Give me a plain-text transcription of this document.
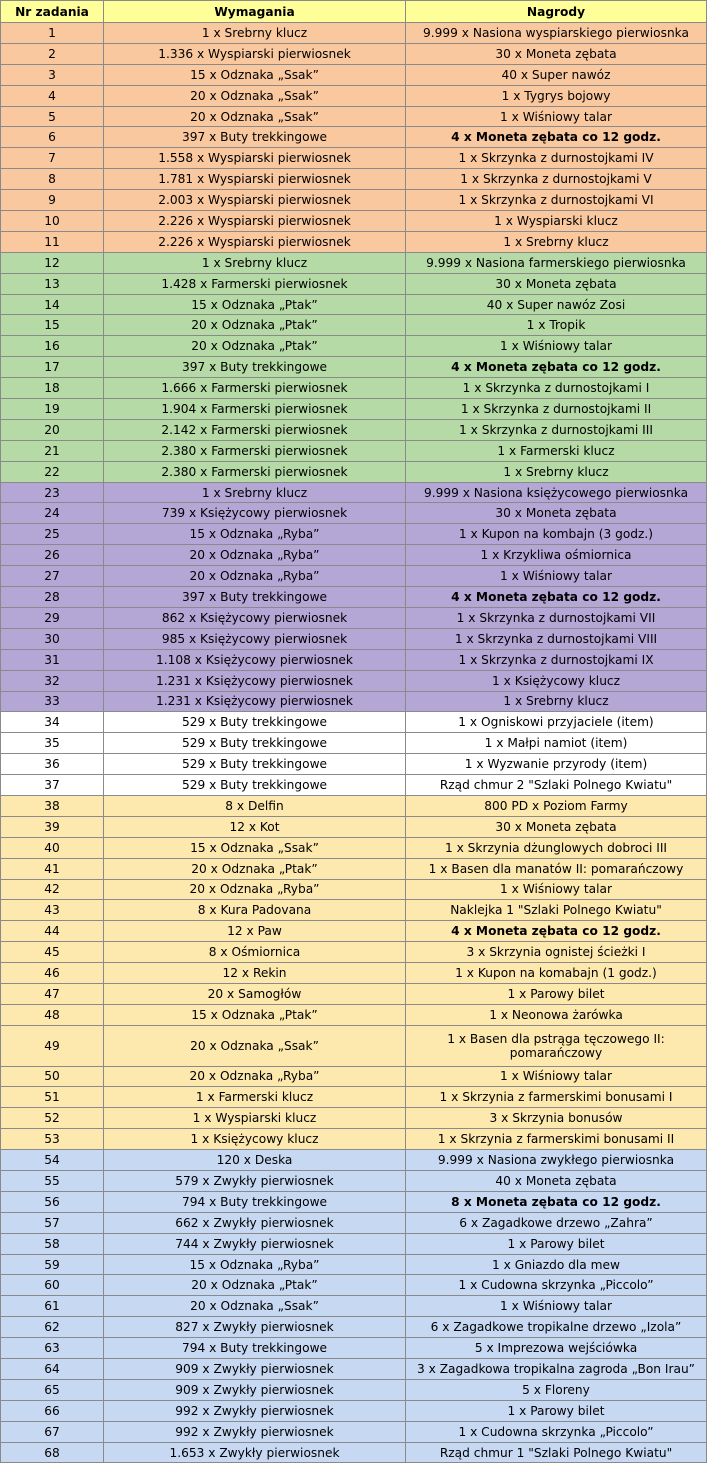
Nr zadania	Wymagania	Nagrody
1	1 x Srebrny klucz	9.999 x Nasiona wyspiarskiego pierwiosnka
2	1.336 x Wyspiarski pierwiosnek	30 x Moneta zębata
3	15 x Odznaka „Ssak”	40 x Super nawóz
4	20 x Odznaka „Ssak”	1 x Tygrys bojowy
5	20 x Odznaka „Ssak”	1 x Wiśniowy talar
6	397 x Buty trekkingowe	4 x Moneta zębata co 12 godz.
7	1.558 x Wyspiarski pierwiosnek	1 x Skrzynka z durnostojkami IV
8	1.781 x Wyspiarski pierwiosnek	1 x Skrzynka z durnostojkami V
9	2.003 x Wyspiarski pierwiosnek	1 x Skrzynka z durnostojkami VI
10	2.226 x Wyspiarski pierwiosnek	1 x Wyspiarski klucz
11	2.226 x Wyspiarski pierwiosnek	1 x Srebrny klucz
12	1 x Srebrny klucz	9.999 x Nasiona farmerskiego pierwiosnka
13	1.428 x Farmerski pierwiosnek	30 x Moneta zębata
14	15 x Odznaka „Ptak”	40 x Super nawóz Zosi
15	20 x Odznaka „Ptak”	1 x Tropik
16	20 x Odznaka „Ptak”	1 x Wiśniowy talar
17	397 x Buty trekkingowe	4 x Moneta zębata co 12 godz.
18	1.666 x Farmerski pierwiosnek	1 x Skrzynka z durnostojkami I
19	1.904 x Farmerski pierwiosnek	1 x Skrzynka z durnostojkami II
20	2.142 x Farmerski pierwiosnek	1 x Skrzynka z durnostojkami III
21	2.380 x Farmerski pierwiosnek	1 x Farmerski klucz
22	2.380 x Farmerski pierwiosnek	1 x Srebrny klucz
23	1 x Srebrny klucz	9.999 x Nasiona księżycowego pierwiosnka
24	739 x Księżycowy pierwiosnek	30 x Moneta zębata
25	15 x Odznaka „Ryba”	1 x Kupon na kombajn (3 godz.)
26	20 x Odznaka „Ryba”	1 x Krzykliwa ośmiornica
27	20 x Odznaka „Ryba”	1 x Wiśniowy talar
28	397 x Buty trekkingowe	4 x Moneta zębata co 12 godz.
29	862 x Księżycowy pierwiosnek	1 x Skrzynka z durnostojkami VII
30	985 x Księżycowy pierwiosnek	1 x Skrzynka z durnostojkami VIII
31	1.108 x Księżycowy pierwiosnek	1 x Skrzynka z durnostojkami IX
32	1.231 x Księżycowy pierwiosnek	1 x Księżycowy klucz
33	1.231 x Księżycowy pierwiosnek	1 x Srebrny klucz
34	529 x Buty trekkingowe	1 x Ogniskowi przyjaciele (item)
35	529 x Buty trekkingowe	1 x Małpi namiot (item)
36	529 x Buty trekkingowe	1 x Wyzwanie przyrody (item)
37	529 x Buty trekkingowe	Rząd chmur 2 "Szlaki Polnego Kwiatu"
38	8 x Delfin	800 PD x Poziom Farmy
39	12 x Kot	30 x Moneta zębata
40	15 x Odznaka „Ssak”	1 x Skrzynia dżunglowych dobroci III
41	20 x Odznaka „Ptak”	1 x Basen dla manatów II: pomarańczowy
42	20 x Odznaka „Ryba”	1 x Wiśniowy talar
43	8 x Kura Padovana	Naklejka 1 "Szlaki Polnego Kwiatu"
44	12 x Paw	4 x Moneta zębata co 12 godz.
45	8 x Ośmiornica	3 x Skrzynia ognistej ścieżki I
46	12 x Rekin	1 x Kupon na komabajn (1 godz.)
47	20 x Samogłów	1 x Parowy bilet
48	15 x Odznaka „Ptak”	1 x Neonowa żarówka
49	20 x Odznaka „Ssak”	1 x Basen dla pstrąga tęczowego II: pomarańczowy
50	20 x Odznaka „Ryba”	1 x Wiśniowy talar
51	1 x Farmerski klucz	1 x Skrzynia z farmerskimi bonusami I
52	1 x Wyspiarski klucz	3 x Skrzynia bonusów
53	1 x Księżycowy klucz	1 x Skrzynia z farmerskimi bonusami II
54	120 x Deska	9.999 x Nasiona zwykłego pierwiosnka
55	579 x Zwykły pierwiosnek	40 x Moneta zębata
56	794 x Buty trekkingowe	8 x Moneta zębata co 12 godz.
57	662 x Zwykły pierwiosnek	6 x Zagadkowe drzewo „Zahra”
58	744 x Zwykły pierwiosnek	1 x Parowy bilet
59	15 x Odznaka „Ryba”	1 x Gniazdo dla mew
60	20 x Odznaka „Ptak”	1 x Cudowna skrzynka „Piccolo”
61	20 x Odznaka „Ssak”	1 x Wiśniowy talar
62	827 x Zwykły pierwiosnek	6 x Zagadkowe tropikalne drzewo „Izola”
63	794 x Buty trekkingowe	5 x Imprezowa wejściówka
64	909 x Zwykły pierwiosnek	3 x Zagadkowa tropikalna zagroda „Bon Irau”
65	909 x Zwykły pierwiosnek	5 x Floreny
66	992 x Zwykły pierwiosnek	1 x Parowy bilet
67	992 x Zwykły pierwiosnek	1 x Cudowna skrzynka „Piccolo”
68	1.653 x Zwykły pierwiosnek	Rząd chmur 1 "Szlaki Polnego Kwiatu"
